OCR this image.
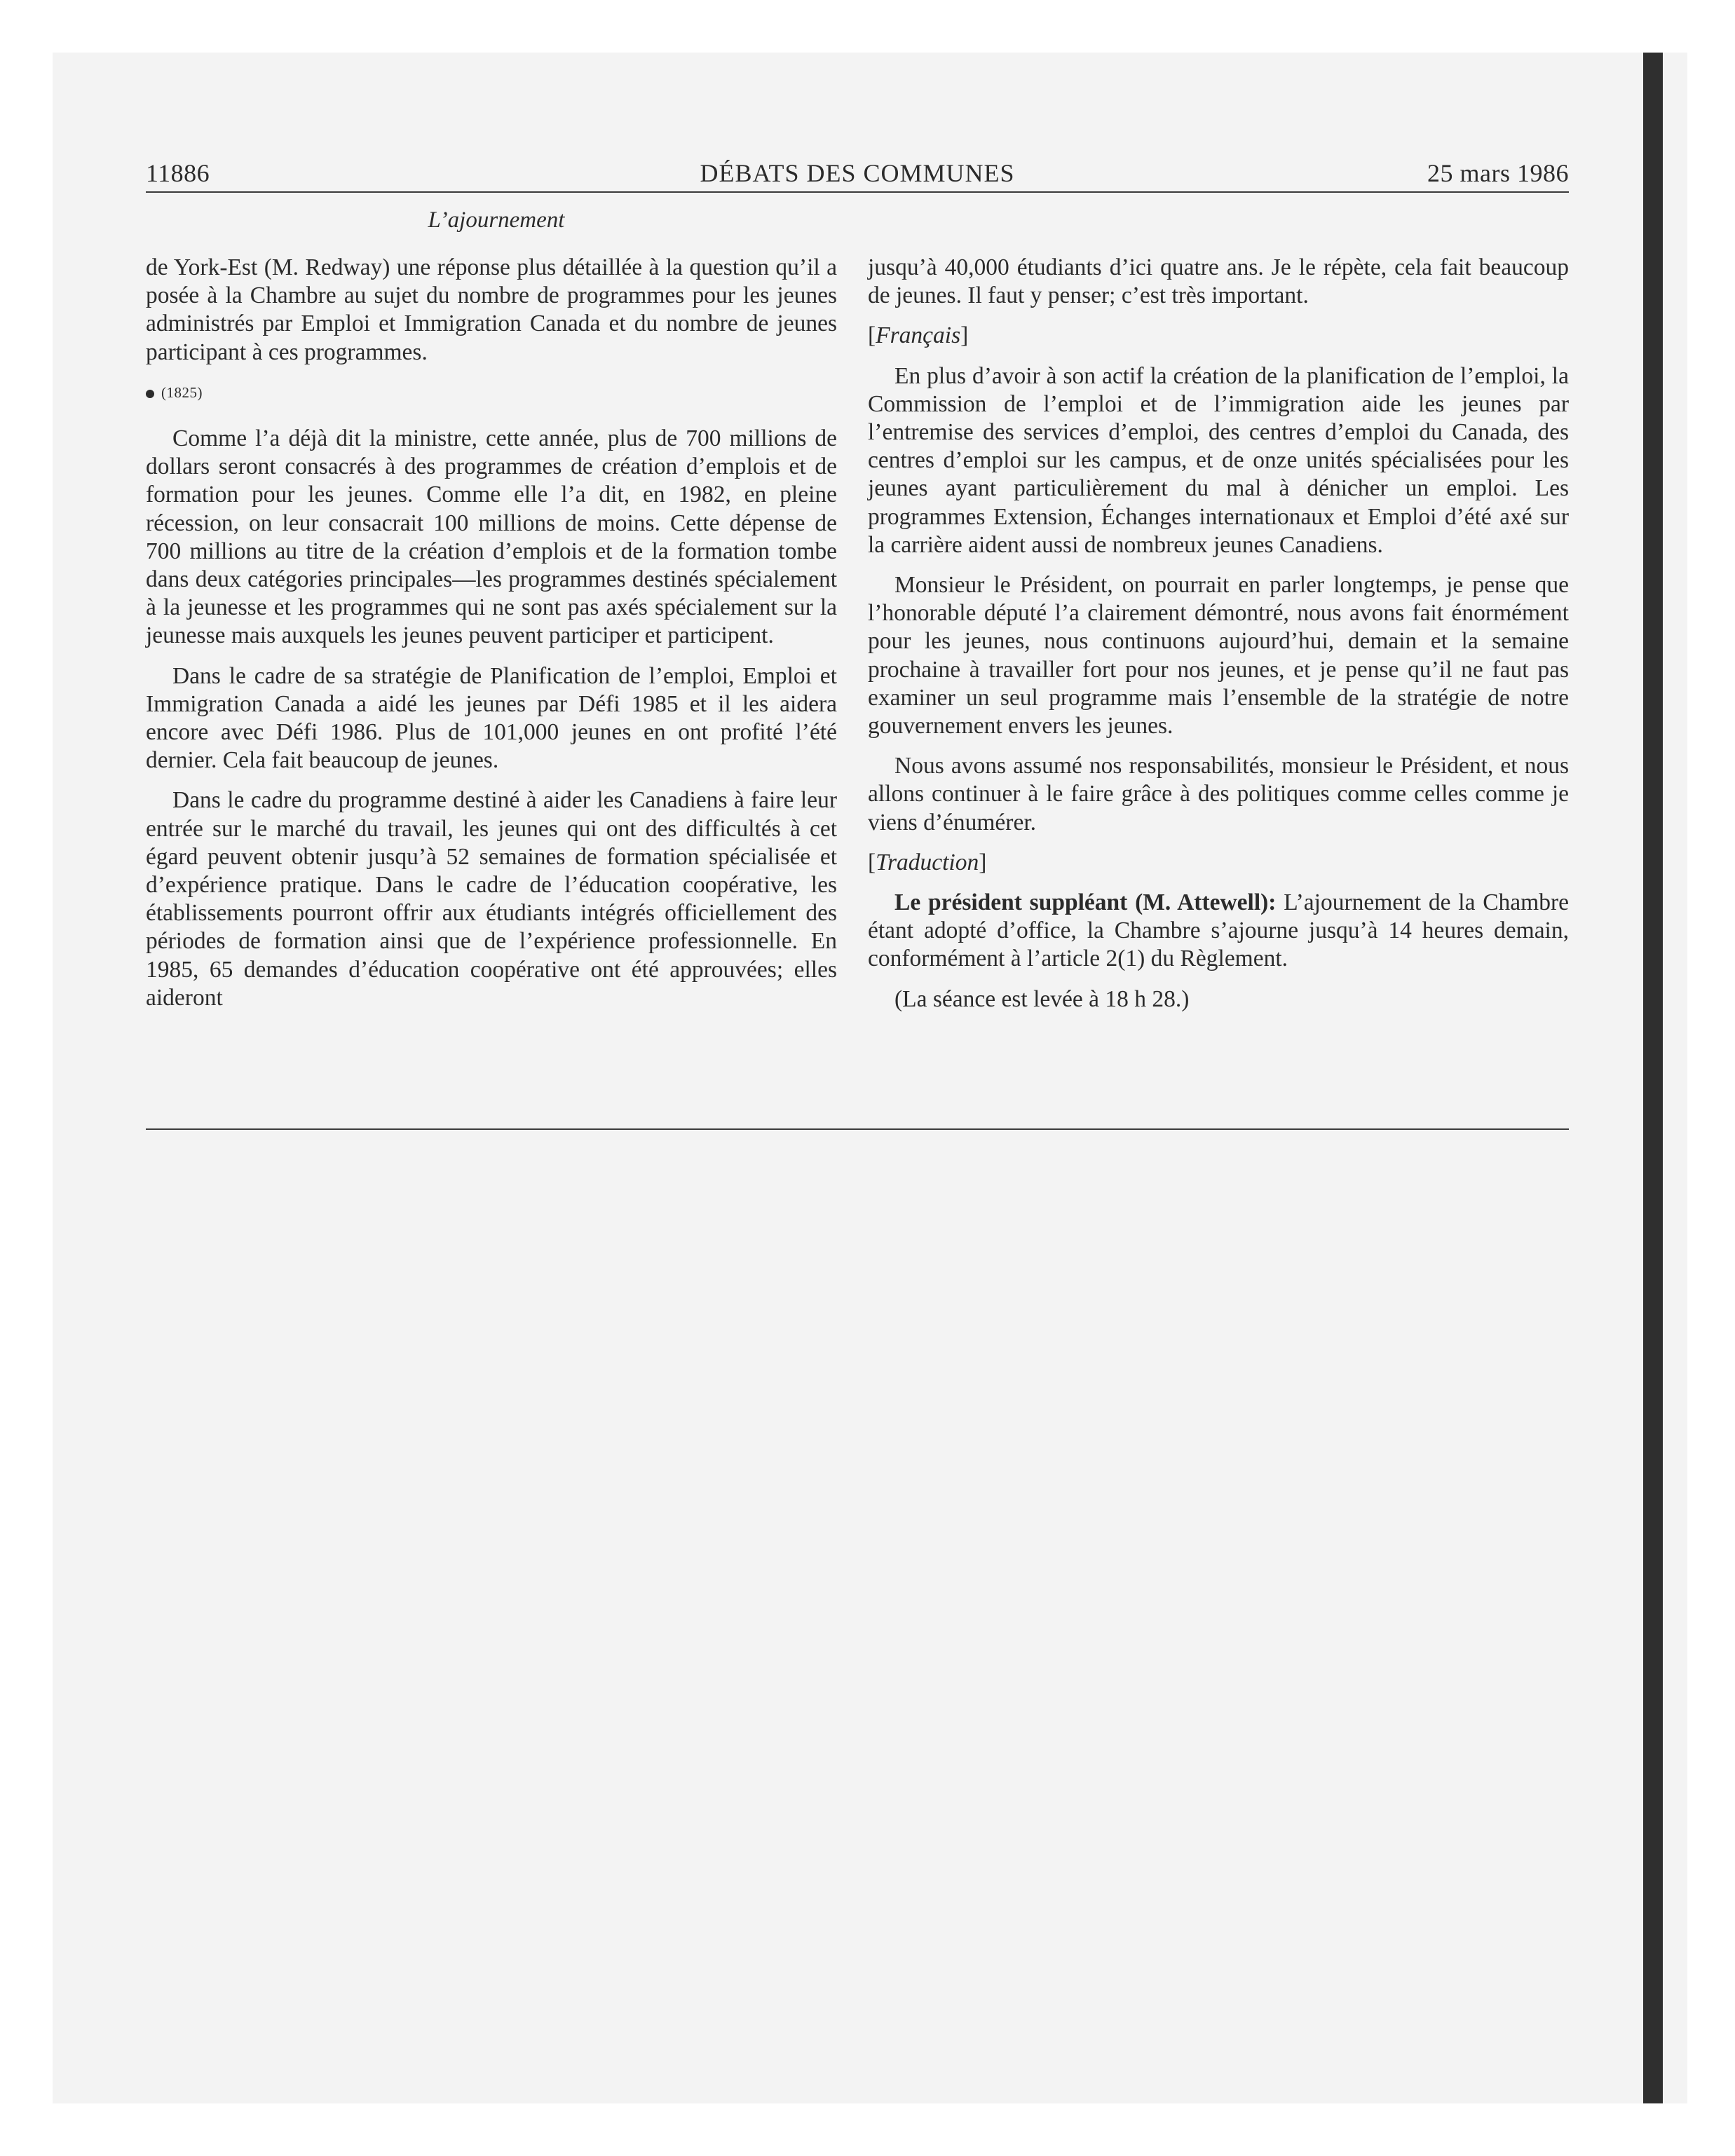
11886	DÉBATS DES COMMUNES	25 mars 1986
L’ajournement

de York-Est (M. Redway) une réponse plus détaillée à la question qu’il a posée à la Chambre au sujet du nombre de programmes pour les jeunes administrés par Emploi et Immigration Canada et du nombre de jeunes participant à ces programmes.

(1825)

Comme l’a déjà dit la ministre, cette année, plus de 700 millions de dollars seront consacrés à des programmes de création d’emplois et de formation pour les jeunes. Comme elle l’a dit, en 1982, en pleine récession, on leur consacrait 100 millions de moins. Cette dépense de 700 millions au titre de la création d’emplois et de la formation tombe dans deux catégories principales—les programmes destinés spécialement à la jeunesse et les programmes qui ne sont pas axés spécialement sur la jeunesse mais auxquels les jeunes peuvent participer et participent.

Dans le cadre de sa stratégie de Planification de l’emploi, Emploi et Immigration Canada a aidé les jeunes par Défi 1985 et il les aidera encore avec Défi 1986. Plus de 101,000 jeunes en ont profité l’été dernier. Cela fait beaucoup de jeunes.

Dans le cadre du programme destiné à aider les Canadiens à faire leur entrée sur le marché du travail, les jeunes qui ont des difficultés à cet égard peuvent obtenir jusqu’à 52 semaines de formation spécialisée et d’expérience pratique. Dans le cadre de l’éducation coopérative, les établissements pourront offrir aux étudiants intégrés officiellement des périodes de formation ainsi que de l’expérience professionnelle. En 1985, 65 demandes d’éducation coopérative ont été approuvées; elles aideront

jusqu’à 40,000 étudiants d’ici quatre ans. Je le répète, cela fait beaucoup de jeunes. Il faut y penser; c’est très important.

[Français]

En plus d’avoir à son actif la création de la planification de l’emploi, la Commission de l’emploi et de l’immigration aide les jeunes par l’entremise des services d’emploi, des centres d’emploi du Canada, des centres d’emploi sur les campus, et de onze unités spécialisées pour les jeunes ayant particulièrement du mal à dénicher un emploi. Les programmes Extension, Échanges internationaux et Emploi d’été axé sur la carrière aident aussi de nombreux jeunes Canadiens.

Monsieur le Président, on pourrait en parler longtemps, je pense que l’honorable député l’a clairement démontré, nous avons fait énormément pour les jeunes, nous continuons aujourd’hui, demain et la semaine prochaine à travailler fort pour nos jeunes, et je pense qu’il ne faut pas examiner un seul programme mais l’ensemble de la stratégie de notre gouvernement envers les jeunes.

Nous avons assumé nos responsabilités, monsieur le Président, et nous allons continuer à le faire grâce à des politiques comme celles comme je viens d’énumérer.

[Traduction]

Le président suppléant (M. Attewell): L’ajournement de la Chambre étant adopté d’office, la Chambre s’ajourne jusqu’à 14 heures demain, conformément à l’article 2(1) du Règlement.

(La séance est levée à 18 h 28.)
